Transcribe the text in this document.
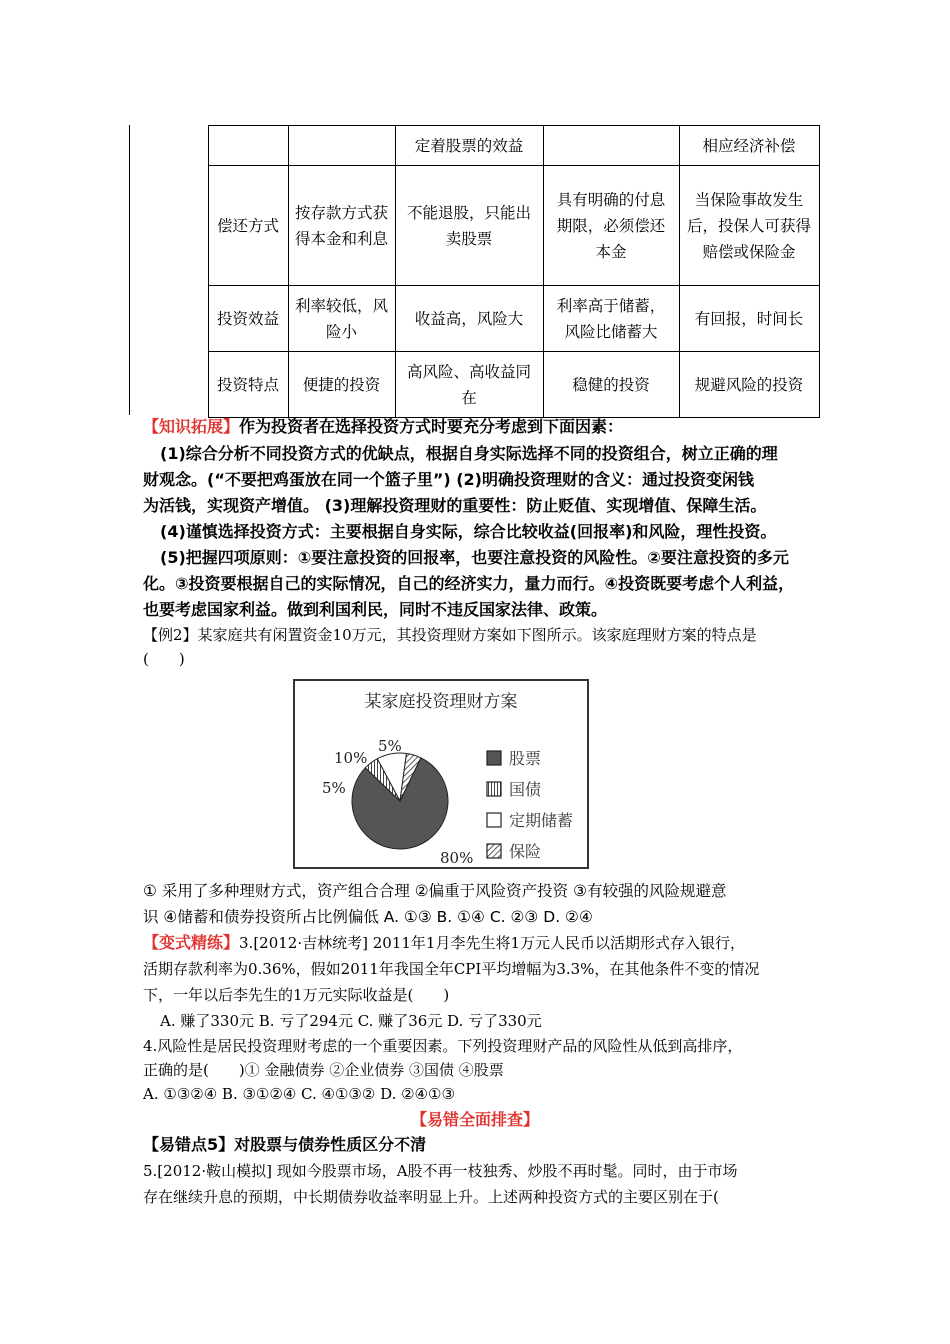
			定着股票的效益		相应经济补偿
	偿还方式	按存款方式获得本金和利息	不能退股，只能出卖股票	具有明确的付息期限，必须偿还本金	当保险事故发生后，投保人可获得赔偿或保险金
	投资效益	利率较低，风险小	收益高，风险大	利率高于储蓄，风险比储蓄大	有回报，时间长
	投资特点	便捷的投资	高风险、高收益同在	稳健的投资	规避风险的投资
【知识拓展】作为投资者在选择投资方式时要充分考虑到下面因素：
(1)综合分析不同投资方式的优缺点，根据自身实际选择不同的投资组合，树立正确的理
财观念。(“不要把鸡蛋放在同一个篮子里”) (2)明确投资理财的含义：通过投资变闲钱
为活钱，实现资产增值。 (3)理解投资理财的重要性：防止贬值、实现增值、保障生活。
(4)谨慎选择投资方式：主要根据自身实际，综合比较收益(回报率)和风险，理性投资。
(5)把握四项原则：①要注意投资的回报率，也要注意投资的风险性。②要注意投资的多元
化。③投资要根据自己的实际情况，自己的经济实力，量力而行。④投资既要考虑个人利益，
也要考虑国家利益。做到利国利民，同时不违反国家法律、政策。
【例2】某家庭共有闲置资金10万元，其投资理财方案如下图所示。该家庭理财方案的特点是
(　　)
某家庭投资理财方案
80%
5%
10%
5%
股票
国债
定期储蓄
保险
① 采用了多种理财方式，资产组合合理 ②偏重于风险资产投资 ③有较强的风险规避意
识 ④储蓄和债券投资所占比例偏低 A. ①③ B. ①④ C. ②③ D. ②④
【变式精练】3.[2012·吉林统考] 2011年1月李先生将1万元人民币以活期形式存入银行，
活期存款利率为0.36%，假如2011年我国全年CPI平均增幅为3.3%，在其他条件不变的情况
下，一年以后李先生的1万元实际收益是(　　)
A. 赚了330元 B. 亏了294元 C. 赚了36元 D. 亏了330元
4.风险性是居民投资理财考虑的一个重要因素。下列投资理财产品的风险性从低到高排序，
正确的是(　　)① 金融债券 ②企业债券 ③国债 ④股票
A. ①③②④ B. ③①②④ C. ④①③② D. ②④①③
【易错全面排查】
【易错点5】对股票与债券性质区分不清
5.[2012·鞍山模拟] 现如今股票市场，A股不再一枝独秀、炒股不再时髦。同时，由于市场
存在继续升息的预期，中长期债券收益率明显上升。上述两种投资方式的主要区别在于(
